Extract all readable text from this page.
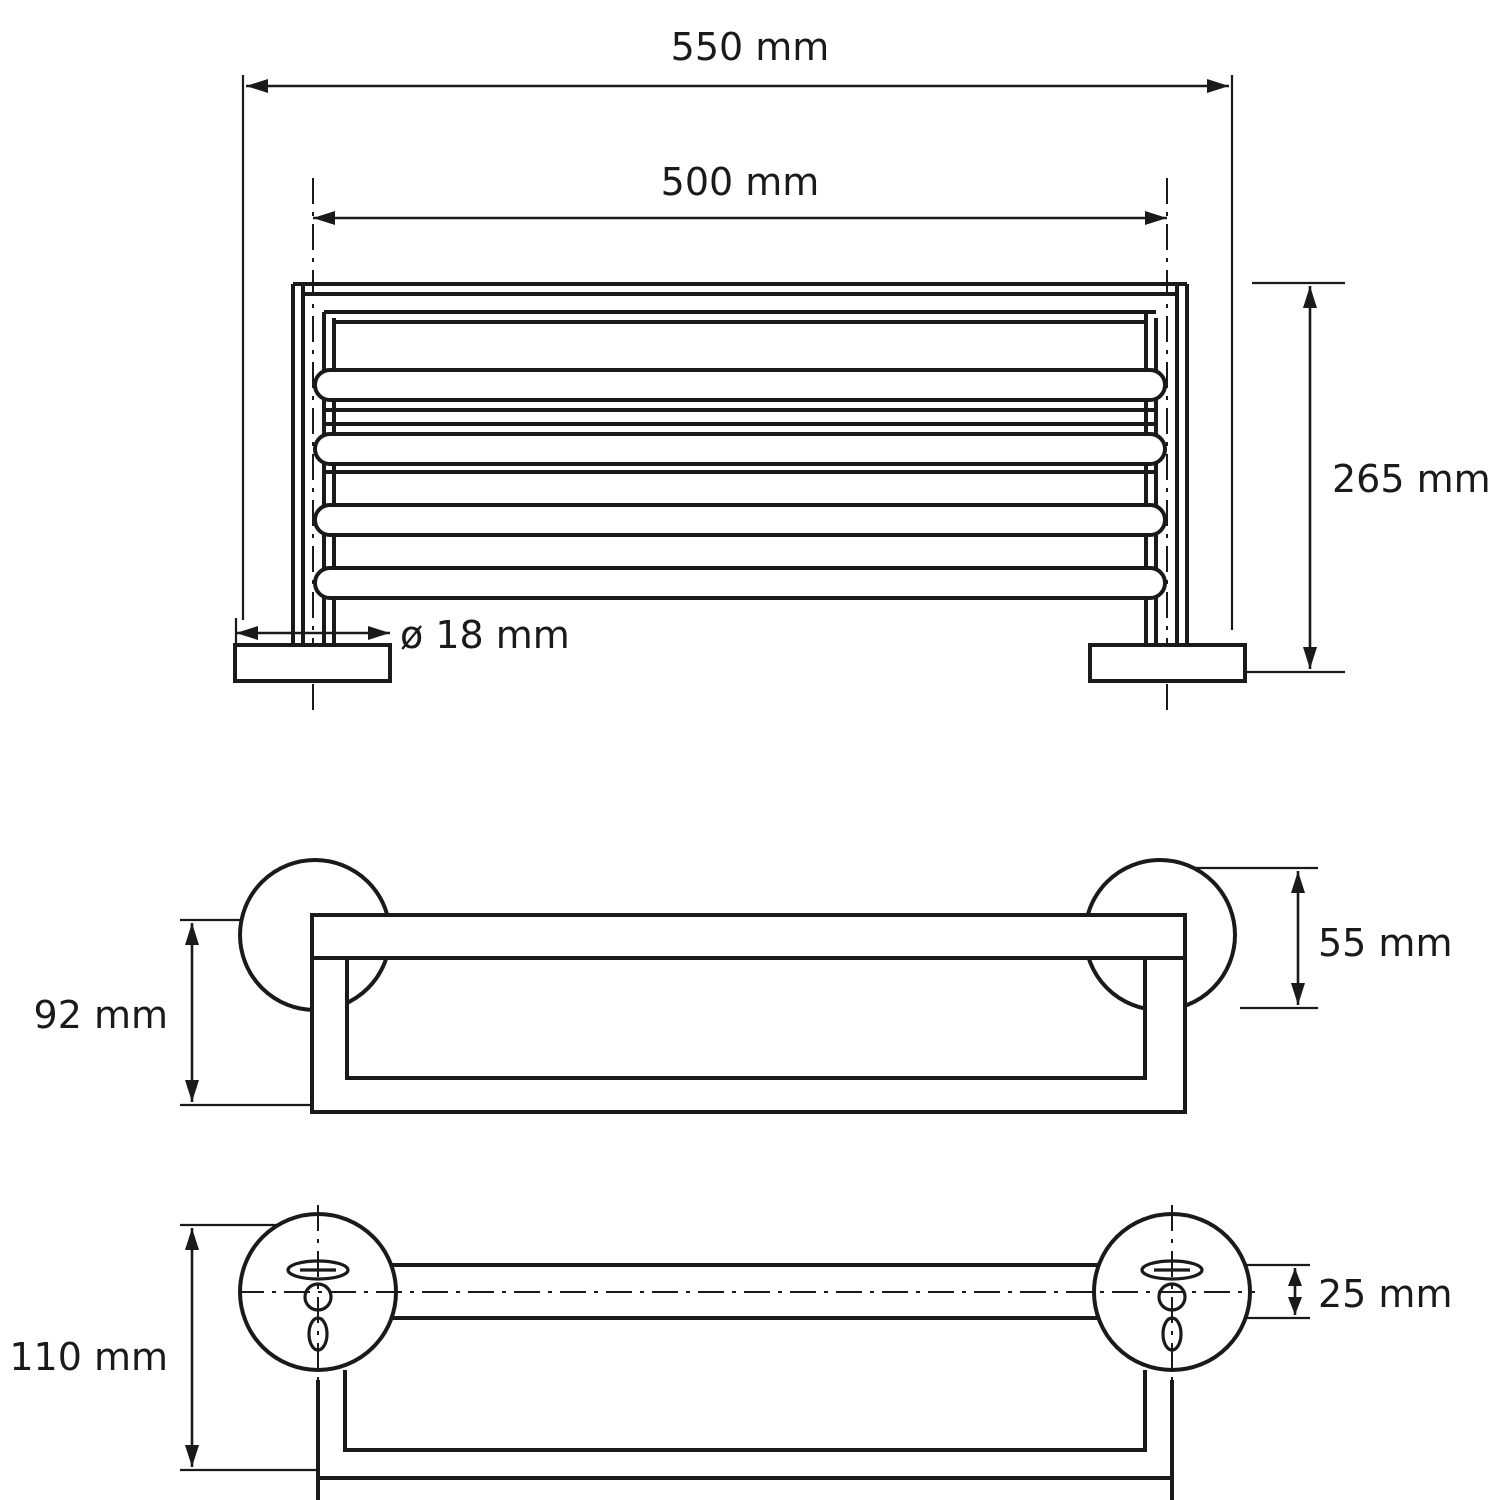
550 mm
500 mm
265 mm
ø 18 mm
92 mm
55 mm
110 mm
25 mm
